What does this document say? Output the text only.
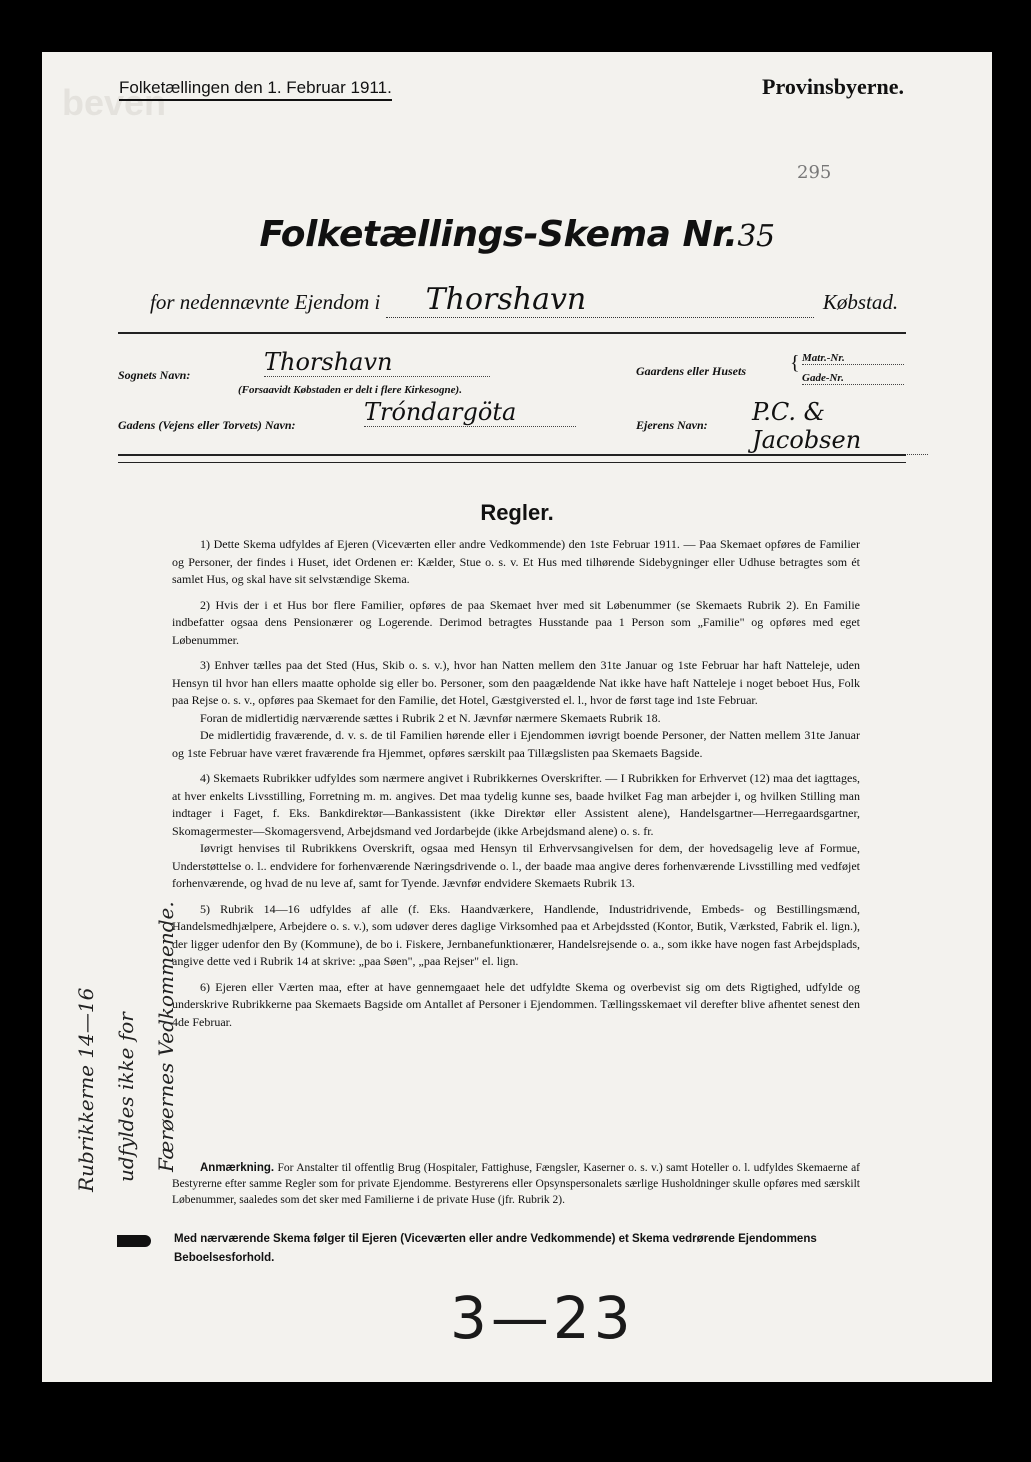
beven
Folketællingen den 1. Februar 1911.	Provinsbyerne.
295
Folketællings-Skema Nr.35
for nedennævnte Ejendom i Thorshavn	Købstad.
Sognets Navn:	Thorshavn
(Forsaavidt Købstaden er delt i flere Kirkesogne).
Gaardens eller Husets { Matr.-Nr.
Gade-Nr.
Gadens (Vejens eller Torvets) Navn:	Tróndargöta	Ejerens Navn: P.C. & Jacobsen
Regler.

1) Dette Skema udfyldes af Ejeren (Viceværten eller andre Vedkommende) den 1ste Februar 1911. — Paa Skemaet opføres de Familier og Personer, der findes i Huset, idet Ordenen er: Kælder, Stue o. s. v. Et Hus med tilhørende Sidebygninger eller Udhuse betragtes som ét samlet Hus, og skal have sit selvstændige Skema.

2) Hvis der i et Hus bor flere Familier, opføres de paa Skemaet hver med sit Løbenummer (se Skemaets Rubrik 2). En Familie indbefatter ogsaa dens Pensionærer og Logerende. Derimod betragtes Husstande paa 1 Person som „Familie" og opføres med eget Løbenummer.

3) Enhver tælles paa det Sted (Hus, Skib o. s. v.), hvor han Natten mellem den 31te Januar og 1ste Februar har haft Natteleje, uden Hensyn til hvor han ellers maatte opholde sig eller bo. Personer, som den paagældende Nat ikke have haft Natteleje i noget beboet Hus, Folk paa Rejse o. s. v., opføres paa Skemaet for den Familie, det Hotel, Gæstgiversted el. l., hvor de først tage ind 1ste Februar.

Foran de midlertidig nærværende sættes i Rubrik 2 et N. Jævnfør nærmere Skemaets Rubrik 18.

De midlertidig fraværende, d. v. s. de til Familien hørende eller i Ejendommen iøvrigt boende Personer, der Natten mellem 31te Januar og 1ste Februar have været fraværende fra Hjemmet, opføres særskilt paa Tillægslisten paa Skemaets Bagside.

4) Skemaets Rubrikker udfyldes som nærmere angivet i Rubrikkernes Overskrifter. — I Rubrikken for Erhvervet (12) maa det iagttages, at hver enkelts Livsstilling, Forretning m. m. angives. Det maa tydelig kunne ses, baade hvilket Fag man arbejder i, og hvilken Stilling man indtager i Faget, f. Eks. Bankdirektør—Bankassistent (ikke Direktør eller Assistent alene), Handelsgartner—Herregaardsgartner, Skomagermester—Skomagersvend, Arbejdsmand ved Jordarbejde (ikke Arbejdsmand alene) o. s. fr.

Iøvrigt henvises til Rubrikkens Overskrift, ogsaa med Hensyn til Erhvervsangivelsen for dem, der hovedsagelig leve af Formue, Understøttelse o. l.. endvidere for forhenværende Næringsdrivende o. l., der baade maa angive deres forhenværende Livsstilling med vedføjet forhenværende, og hvad de nu leve af, samt for Tyende. Jævnfør endvidere Skemaets Rubrik 13.

5) Rubrik 14—16 udfyldes af alle (f. Eks. Haandværkere, Handlende, Industridrivende, Embeds- og Bestillingsmænd, Handelsmedhjælpere, Arbejdere o. s. v.), som udøver deres daglige Virksomhed paa et Arbejdssted (Kontor, Butik, Værksted, Fabrik el. lign.), der ligger udenfor den By (Kommune), de bo i. Fiskere, Jernbanefunktionærer, Handelsrejsende o. a., som ikke have nogen fast Arbejdsplads, angive dette ved i Rubrik 14 at skrive: „paa Søen", „paa Rejser" el. lign.

6) Ejeren eller Værten maa, efter at have gennemgaaet hele det udfyldte Skema og overbevist sig om dets Rigtighed, udfylde og underskrive Rubrikkerne paa Skemaets Bagside om Antallet af Personer i Ejendommen. Tællingsskemaet vil derefter blive afhentet senest den 4de Februar.

Anmærkning. For Anstalter til offentlig Brug (Hospitaler, Fattighuse, Fængsler, Kaserner o. s. v.) samt Hoteller o. l. udfyldes Skemaerne af Bestyrerne efter samme Regler som for private Ejendomme. Bestyrerens eller Opsynspersonalets særlige Husholdninger skulle opføres med særskilt Løbenummer, saaledes som det sker med Familierne i de private Huse (jfr. Rubrik 2).
Med nærværende Skema følger til Ejeren (Viceværten eller andre Vedkommende) et Skema vedrørende Ejendommens Beboelsesforhold.
Rubrikkerne 14—16 udfyldes ikke for Færøernes Vedkommende.
3—23
